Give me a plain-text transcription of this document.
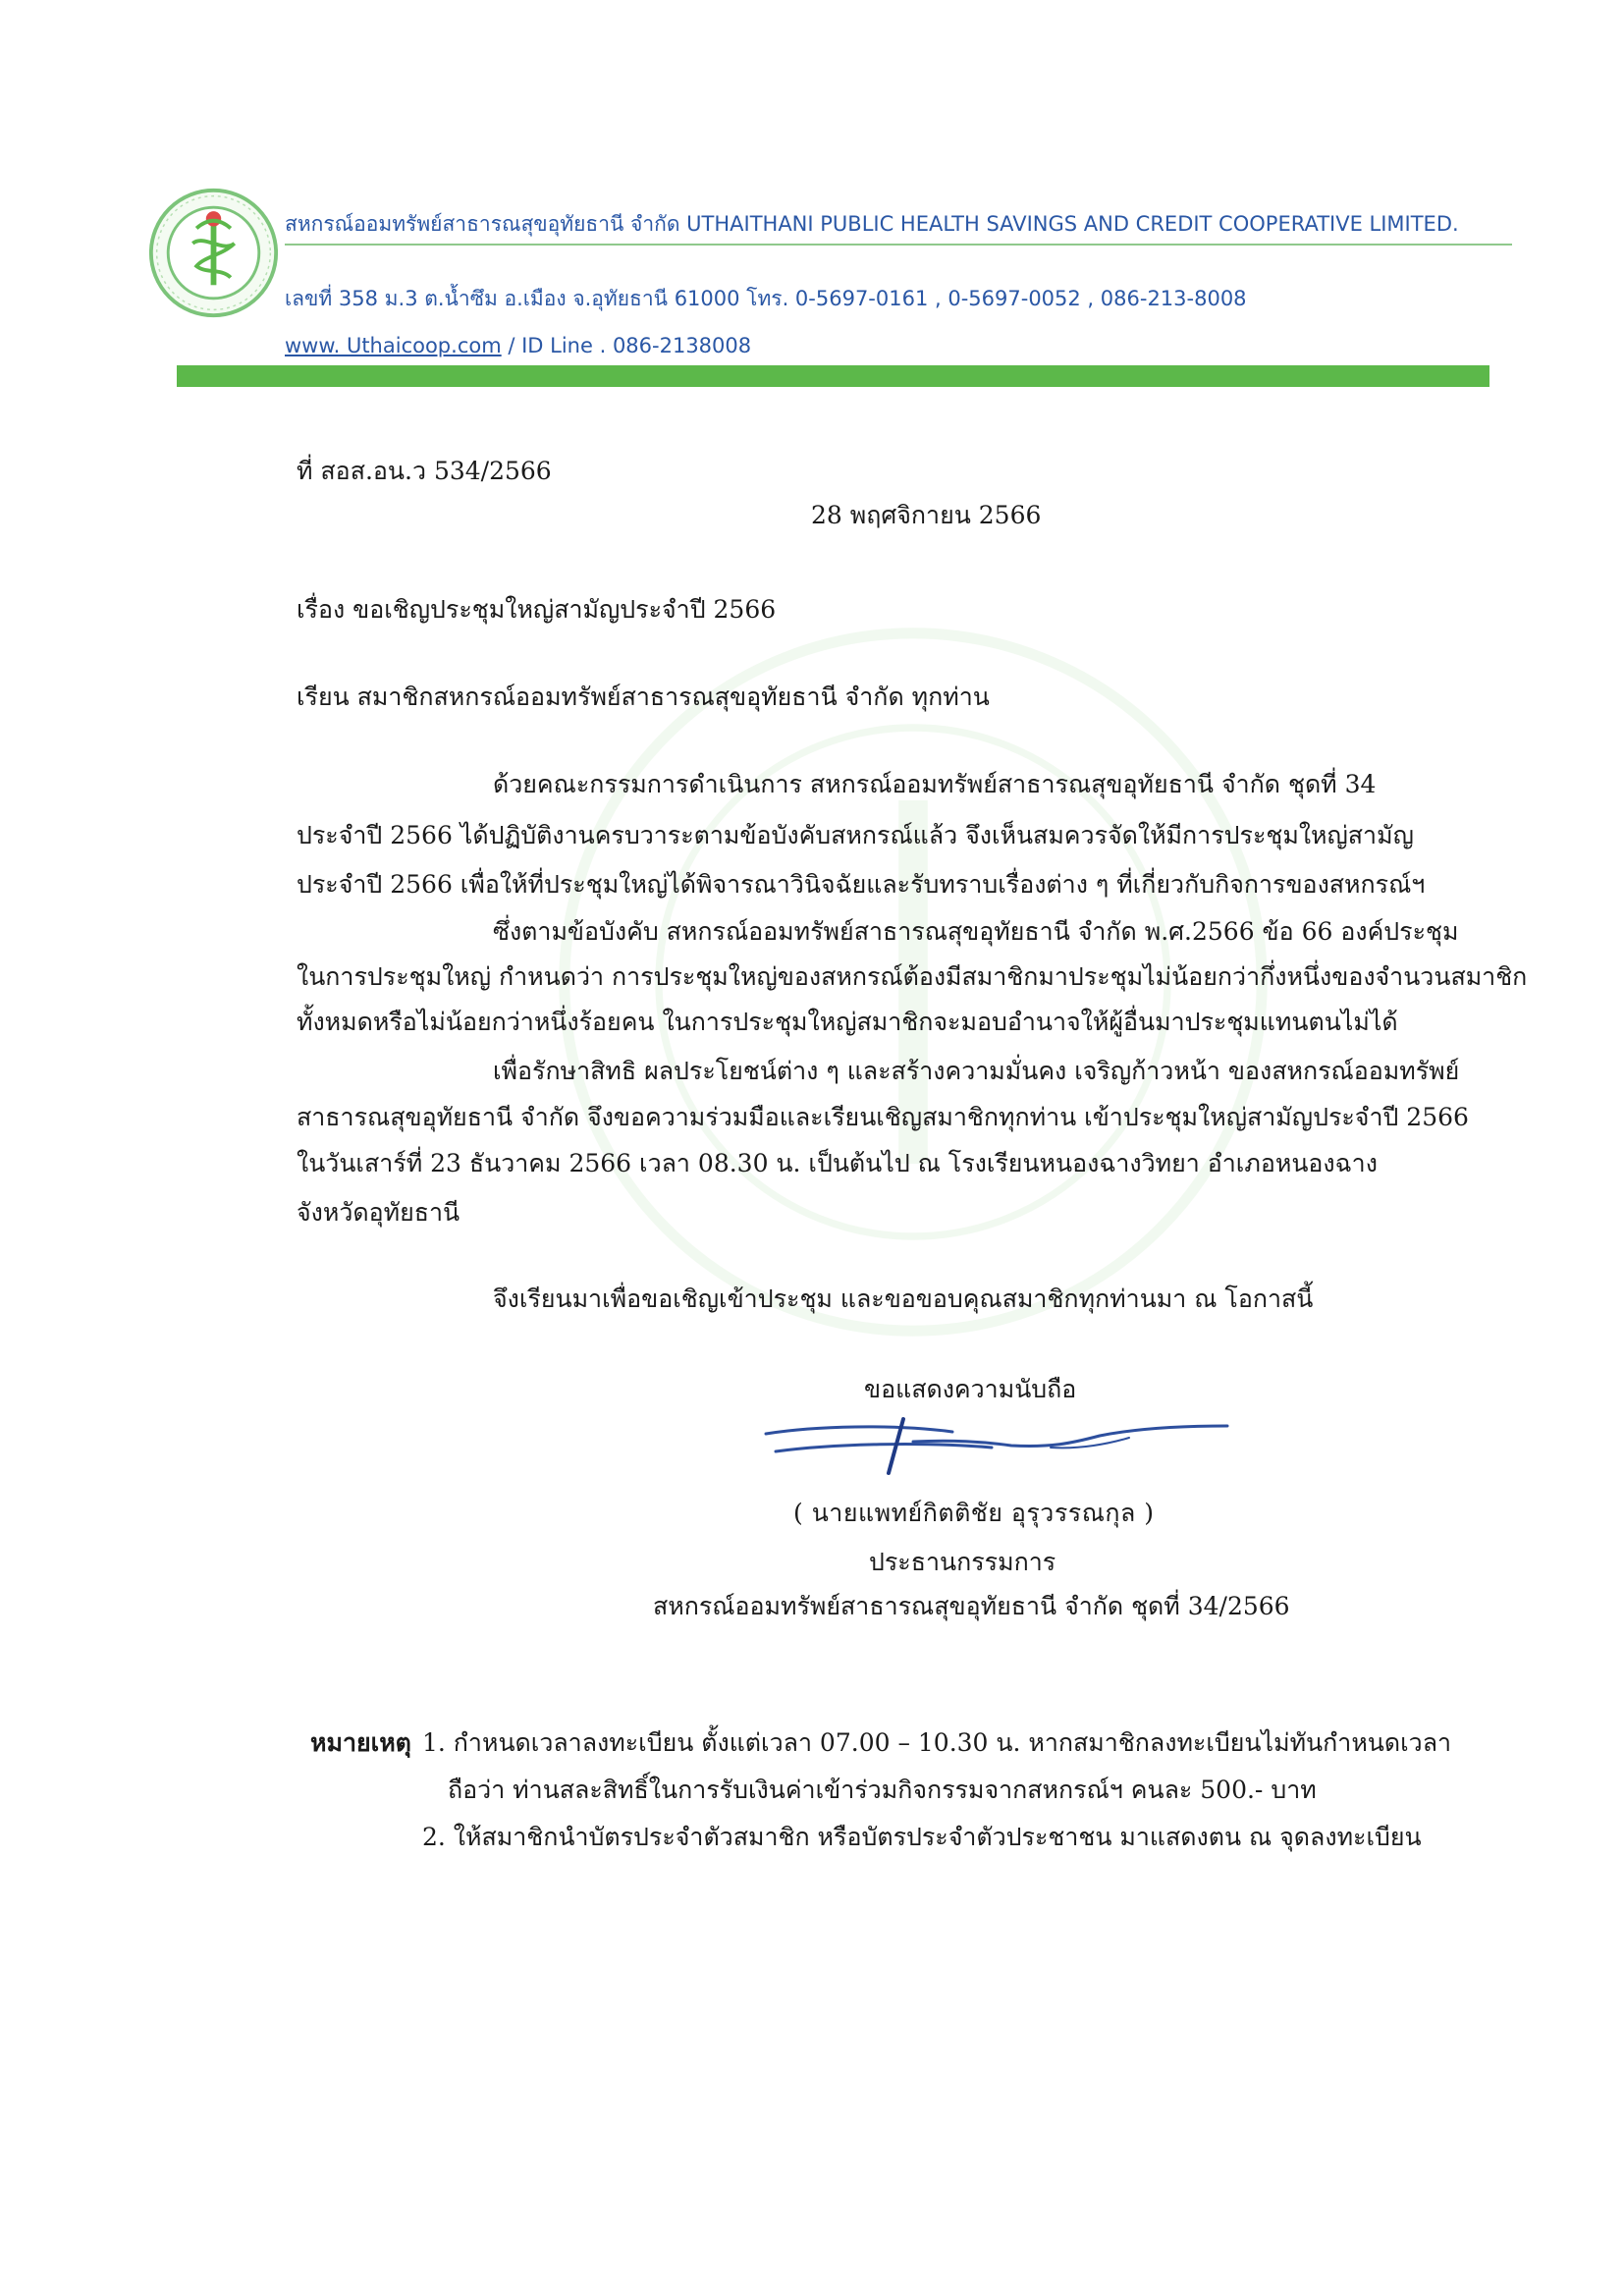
สหกรณ์ออมทรัพย์สาธารณสุขอุทัยธานี จำกัด UTHAITHANI PUBLIC HEALTH SAVINGS AND CREDIT COOPERATIVE LIMITED.
เลขที่ 358 ม.3 ต.น้ำซึม อ.เมือง จ.อุทัยธานี 61000 โทร. 0-5697-0161 , 0-5697-0052 , 086-213-8008
www. Uthaicoop.com / ID Line . 086-2138008
ที่ สอส.อน.ว 534/2566
28 พฤศจิกายน 2566
เรื่อง ขอเชิญประชุมใหญ่สามัญประจำปี 2566
เรียน สมาชิกสหกรณ์ออมทรัพย์สาธารณสุขอุทัยธานี จำกัด ทุกท่าน
ด้วยคณะกรรมการดำเนินการ สหกรณ์ออมทรัพย์สาธารณสุขอุทัยธานี จำกัด ชุดที่ 34
ประจำปี 2566 ได้ปฏิบัติงานครบวาระตามข้อบังคับสหกรณ์แล้ว จึงเห็นสมควรจัดให้มีการประชุมใหญ่สามัญ
ประจำปี 2566 เพื่อให้ที่ประชุมใหญ่ได้พิจารณาวินิจฉัยและรับทราบเรื่องต่าง ๆ ที่เกี่ยวกับกิจการของสหกรณ์ฯ
ซึ่งตามข้อบังคับ สหกรณ์ออมทรัพย์สาธารณสุขอุทัยธานี จำกัด พ.ศ.2566 ข้อ 66 องค์ประชุม
ในการประชุมใหญ่ กำหนดว่า การประชุมใหญ่ของสหกรณ์ต้องมีสมาชิกมาประชุมไม่น้อยกว่ากึ่งหนึ่งของจำนวนสมาชิก
ทั้งหมดหรือไม่น้อยกว่าหนึ่งร้อยคน ในการประชุมใหญ่สมาชิกจะมอบอำนาจให้ผู้อื่นมาประชุมแทนตนไม่ได้
เพื่อรักษาสิทธิ ผลประโยชน์ต่าง ๆ และสร้างความมั่นคง เจริญก้าวหน้า ของสหกรณ์ออมทรัพย์
สาธารณสุขอุทัยธานี จำกัด จึงขอความร่วมมือและเรียนเชิญสมาชิกทุกท่าน เข้าประชุมใหญ่สามัญประจำปี 2566
ในวันเสาร์ที่ 23 ธันวาคม 2566 เวลา 08.30 น. เป็นต้นไป ณ โรงเรียนหนองฉางวิทยา อำเภอหนองฉาง
จังหวัดอุทัยธานี
จึงเรียนมาเพื่อขอเชิญเข้าประชุม และขอขอบคุณสมาชิกทุกท่านมา ณ โอกาสนี้
ขอแสดงความนับถือ
( นายแพทย์กิตติชัย อุรุวรรณกุล )
ประธานกรรมการ
สหกรณ์ออมทรัพย์สาธารณสุขอุทัยธานี จำกัด ชุดที่ 34/2566
หมายเหตุ 1. กำหนดเวลาลงทะเบียน ตั้งแต่เวลา 07.00 – 10.30 น. หากสมาชิกลงทะเบียนไม่ทันกำหนดเวลา
ถือว่า ท่านสละสิทธิ์ในการรับเงินค่าเข้าร่วมกิจกรรมจากสหกรณ์ฯ คนละ 500.- บาท
2. ให้สมาชิกนำบัตรประจำตัวสมาชิก หรือบัตรประจำตัวประชาชน มาแสดงตน ณ จุดลงทะเบียน
